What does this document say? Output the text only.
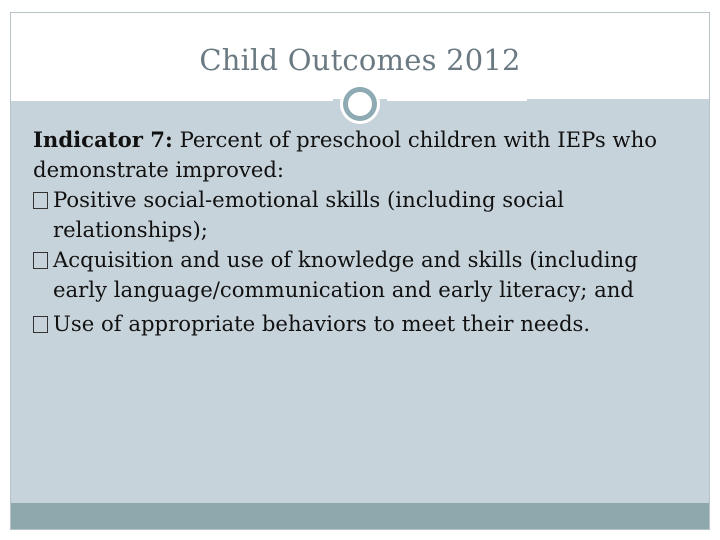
Child Outcomes 2012

Indicator 7: Percent of preschool children with IEPs who demonstrate improved:

Positive social-emotional skills (including social relationships);

Acquisition and use of knowledge and skills (including early language/communication and early literacy; and

Use of appropriate behaviors to meet their needs.
